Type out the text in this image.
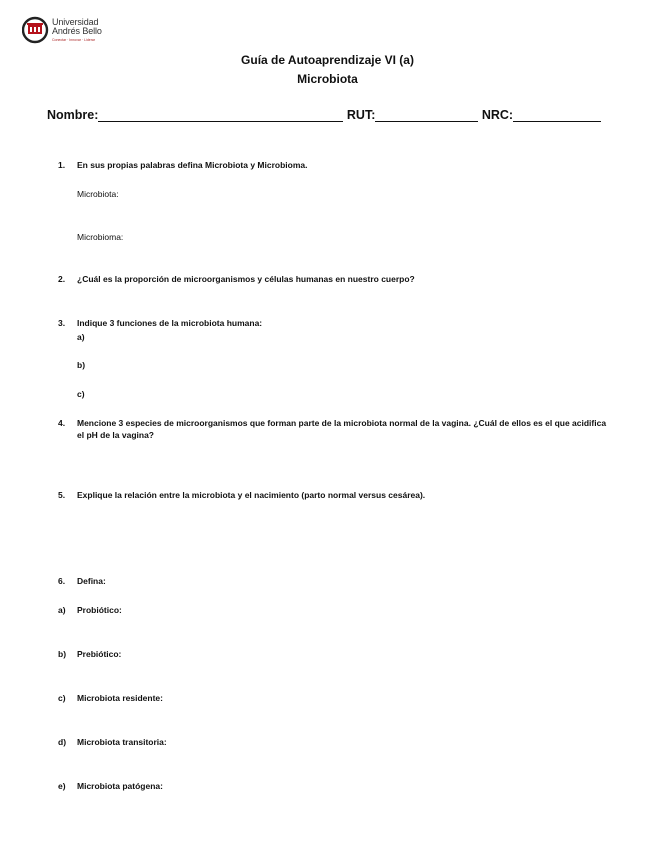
Universidad
Andrés Bello
Conectar · Innovar · Liderar
Guía de Autoaprendizaje VI (a)
Microbiota
Nombre:	RUT:	NRC:
1. En sus propias palabras defina Microbiota y Microbioma.
Microbiota:
Microbioma:
2. ¿Cuál es la proporción de microorganismos y células humanas en nuestro cuerpo?
3. Indique 3 funciones de la microbiota humana:
a)
b)
c)
4. Mencione 3 especies de microorganismos que forman parte de la microbiota normal de la vagina. ¿Cuál de ellos es el que acidifica el pH de la vagina?
5. Explique la relación entre la microbiota y el nacimiento (parto normal versus cesárea).
6. Defina:
a) Probiótico:
b) Prebiótico:
c) Microbiota residente:
d) Microbiota transitoria:
e) Microbiota patógena:
